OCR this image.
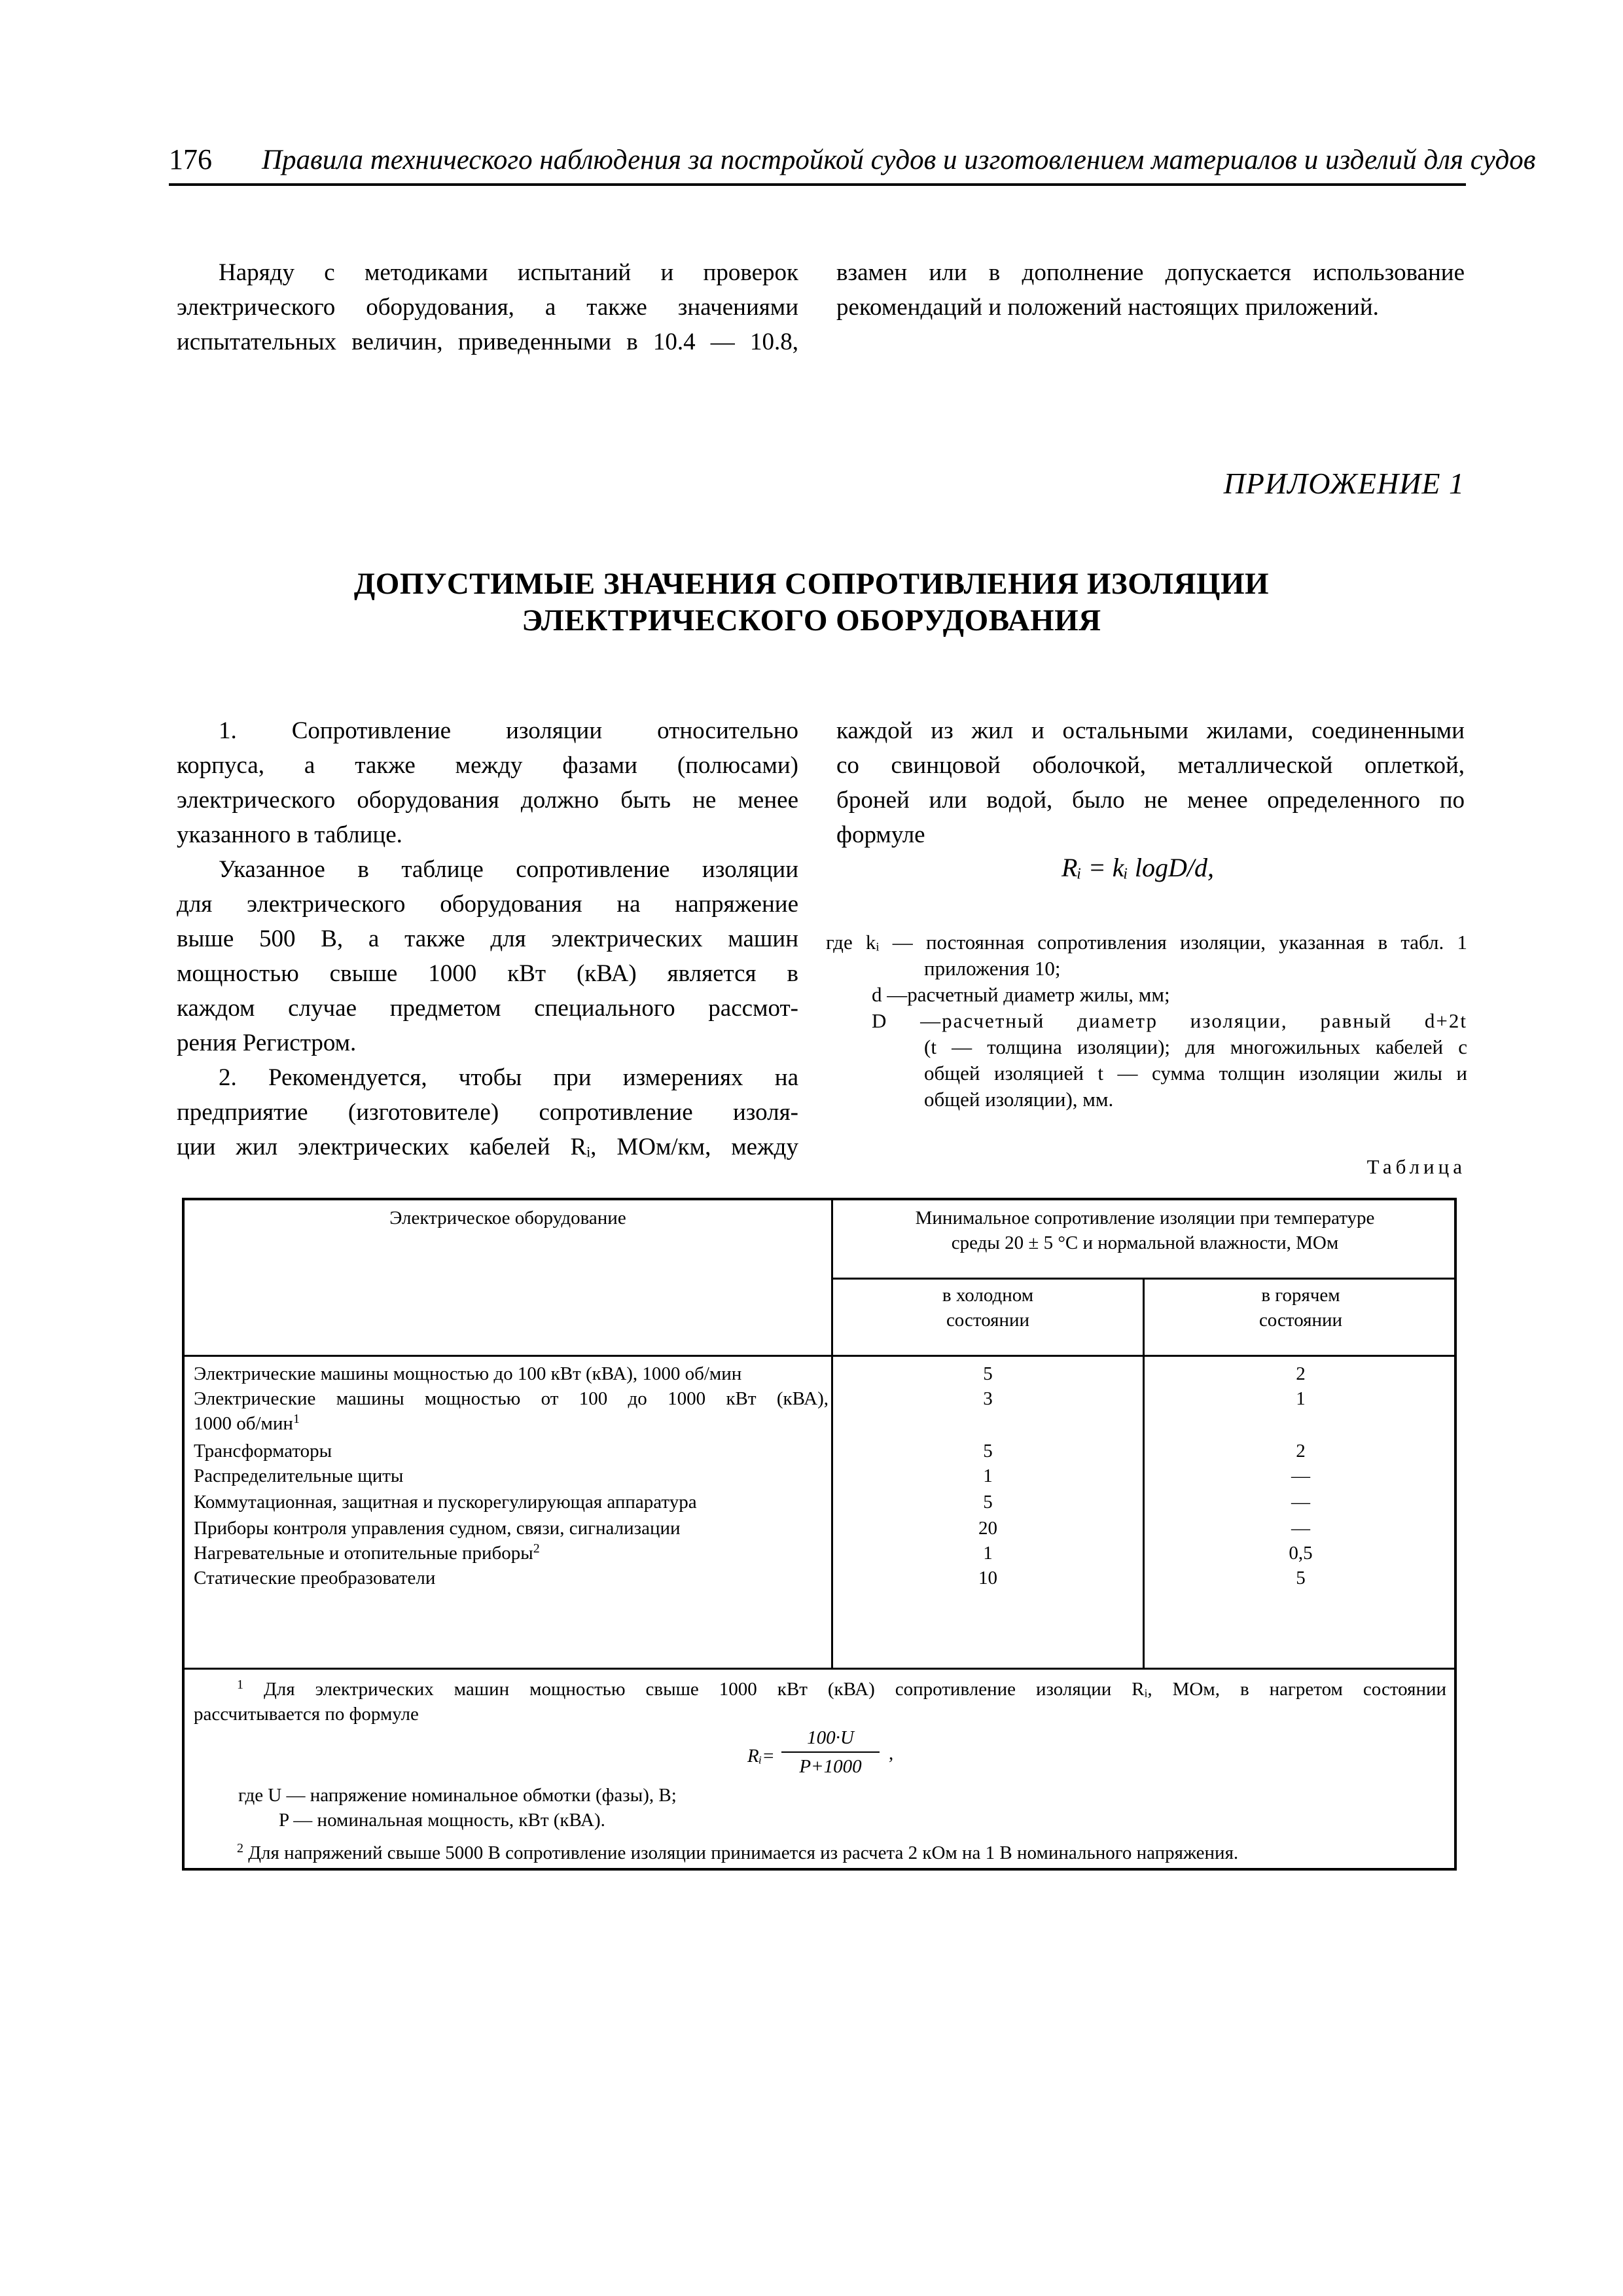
176 Правила технического наблюдения за постройкой судов и изготовлением материалов и изделий для судов
Наряду с методиками испытаний и проверок
электрического оборудования, а также значениями
испытательных величин, приведенными в 10.4 — 10.8,
взамен или в дополнение допускается использование
рекомендаций и положений настоящих приложений.
ПРИЛОЖЕНИЕ 1
ДОПУСТИМЫЕ ЗНАЧЕНИЯ СОПРОТИВЛЕНИЯ ИЗОЛЯЦИИ
ЭЛЕКТРИЧЕСКОГО ОБОРУДОВАНИЯ
1. Сопротивление изоляции относительно
корпуса, а также между фазами (полюсами)
электрического оборудования должно быть не менее
указанного в таблице.
Указанное в таблице сопротивление изоляции
для электрического оборудования на напряжение
выше 500 В, а также для электрических машин
мощностью свыше 1000 кВт (кВА) является в
каждом случае предметом специального рассмот-
рения Регистром.
2. Рекомендуется, чтобы при измерениях на
предприятие (изготовителе) сопротивление изоля-
ции жил электрических кабелей Rᵢ, МОм/км, между
каждой из жил и остальными жилами, соединенными
со свинцовой оболочкой, металлической оплеткой,
броней или водой, было не менее определенного по
формуле
Rᵢ = kᵢ logD/d,
где kᵢ — постоянная сопротивления изоляции, указанная в табл. 1
приложения 10;
d —расчетный диаметр жилы, мм;
D —расчетный диаметр изоляции, равный d+2t
(t — толщина изоляции); для многожильных кабелей с
общей изоляцией t — сумма толщин изоляции жилы и
общей изоляции), мм.
Таблица
Электрическое оборудование	Минимальное сопротивление изоляции при температуре
среды 20 ± 5 °С и нормальной влажности, МОм
в холодном
состоянии
в горячем
состоянии
Электрические машины мощностью до 100 кВт (кВА), 1000 об/мин	5	2
Электрические машины мощностью от 100 до 1000 кВт (кВА),
1000 об/мин$^1$
3	1
Трансформаторы	5	2
Распределительные щиты	1	—
Коммутационная, защитная и пускорегулирующая аппаратура	5	—
Приборы контроля управления судном, связи, сигнализации	20	—
Нагревательные и отопительные приборы$^2$	1	0,5
Статические преобразователи	10	5
$^1$ Для электрических машин мощностью свыше 1000 кВт (кВА) сопротивление изоляции Rᵢ, МОм, в нагретом состоянии
рассчитывается по формуле
Rᵢ=
100·U
P+1000
,
где U — напряжение номинальное обмотки (фазы), В;
P — номинальная мощность, кВт (кВА).
$^2$ Для напряжений свыше 5000 В сопротивление изоляции принимается из расчета 2 кОм на 1 В номинального напряжения.
